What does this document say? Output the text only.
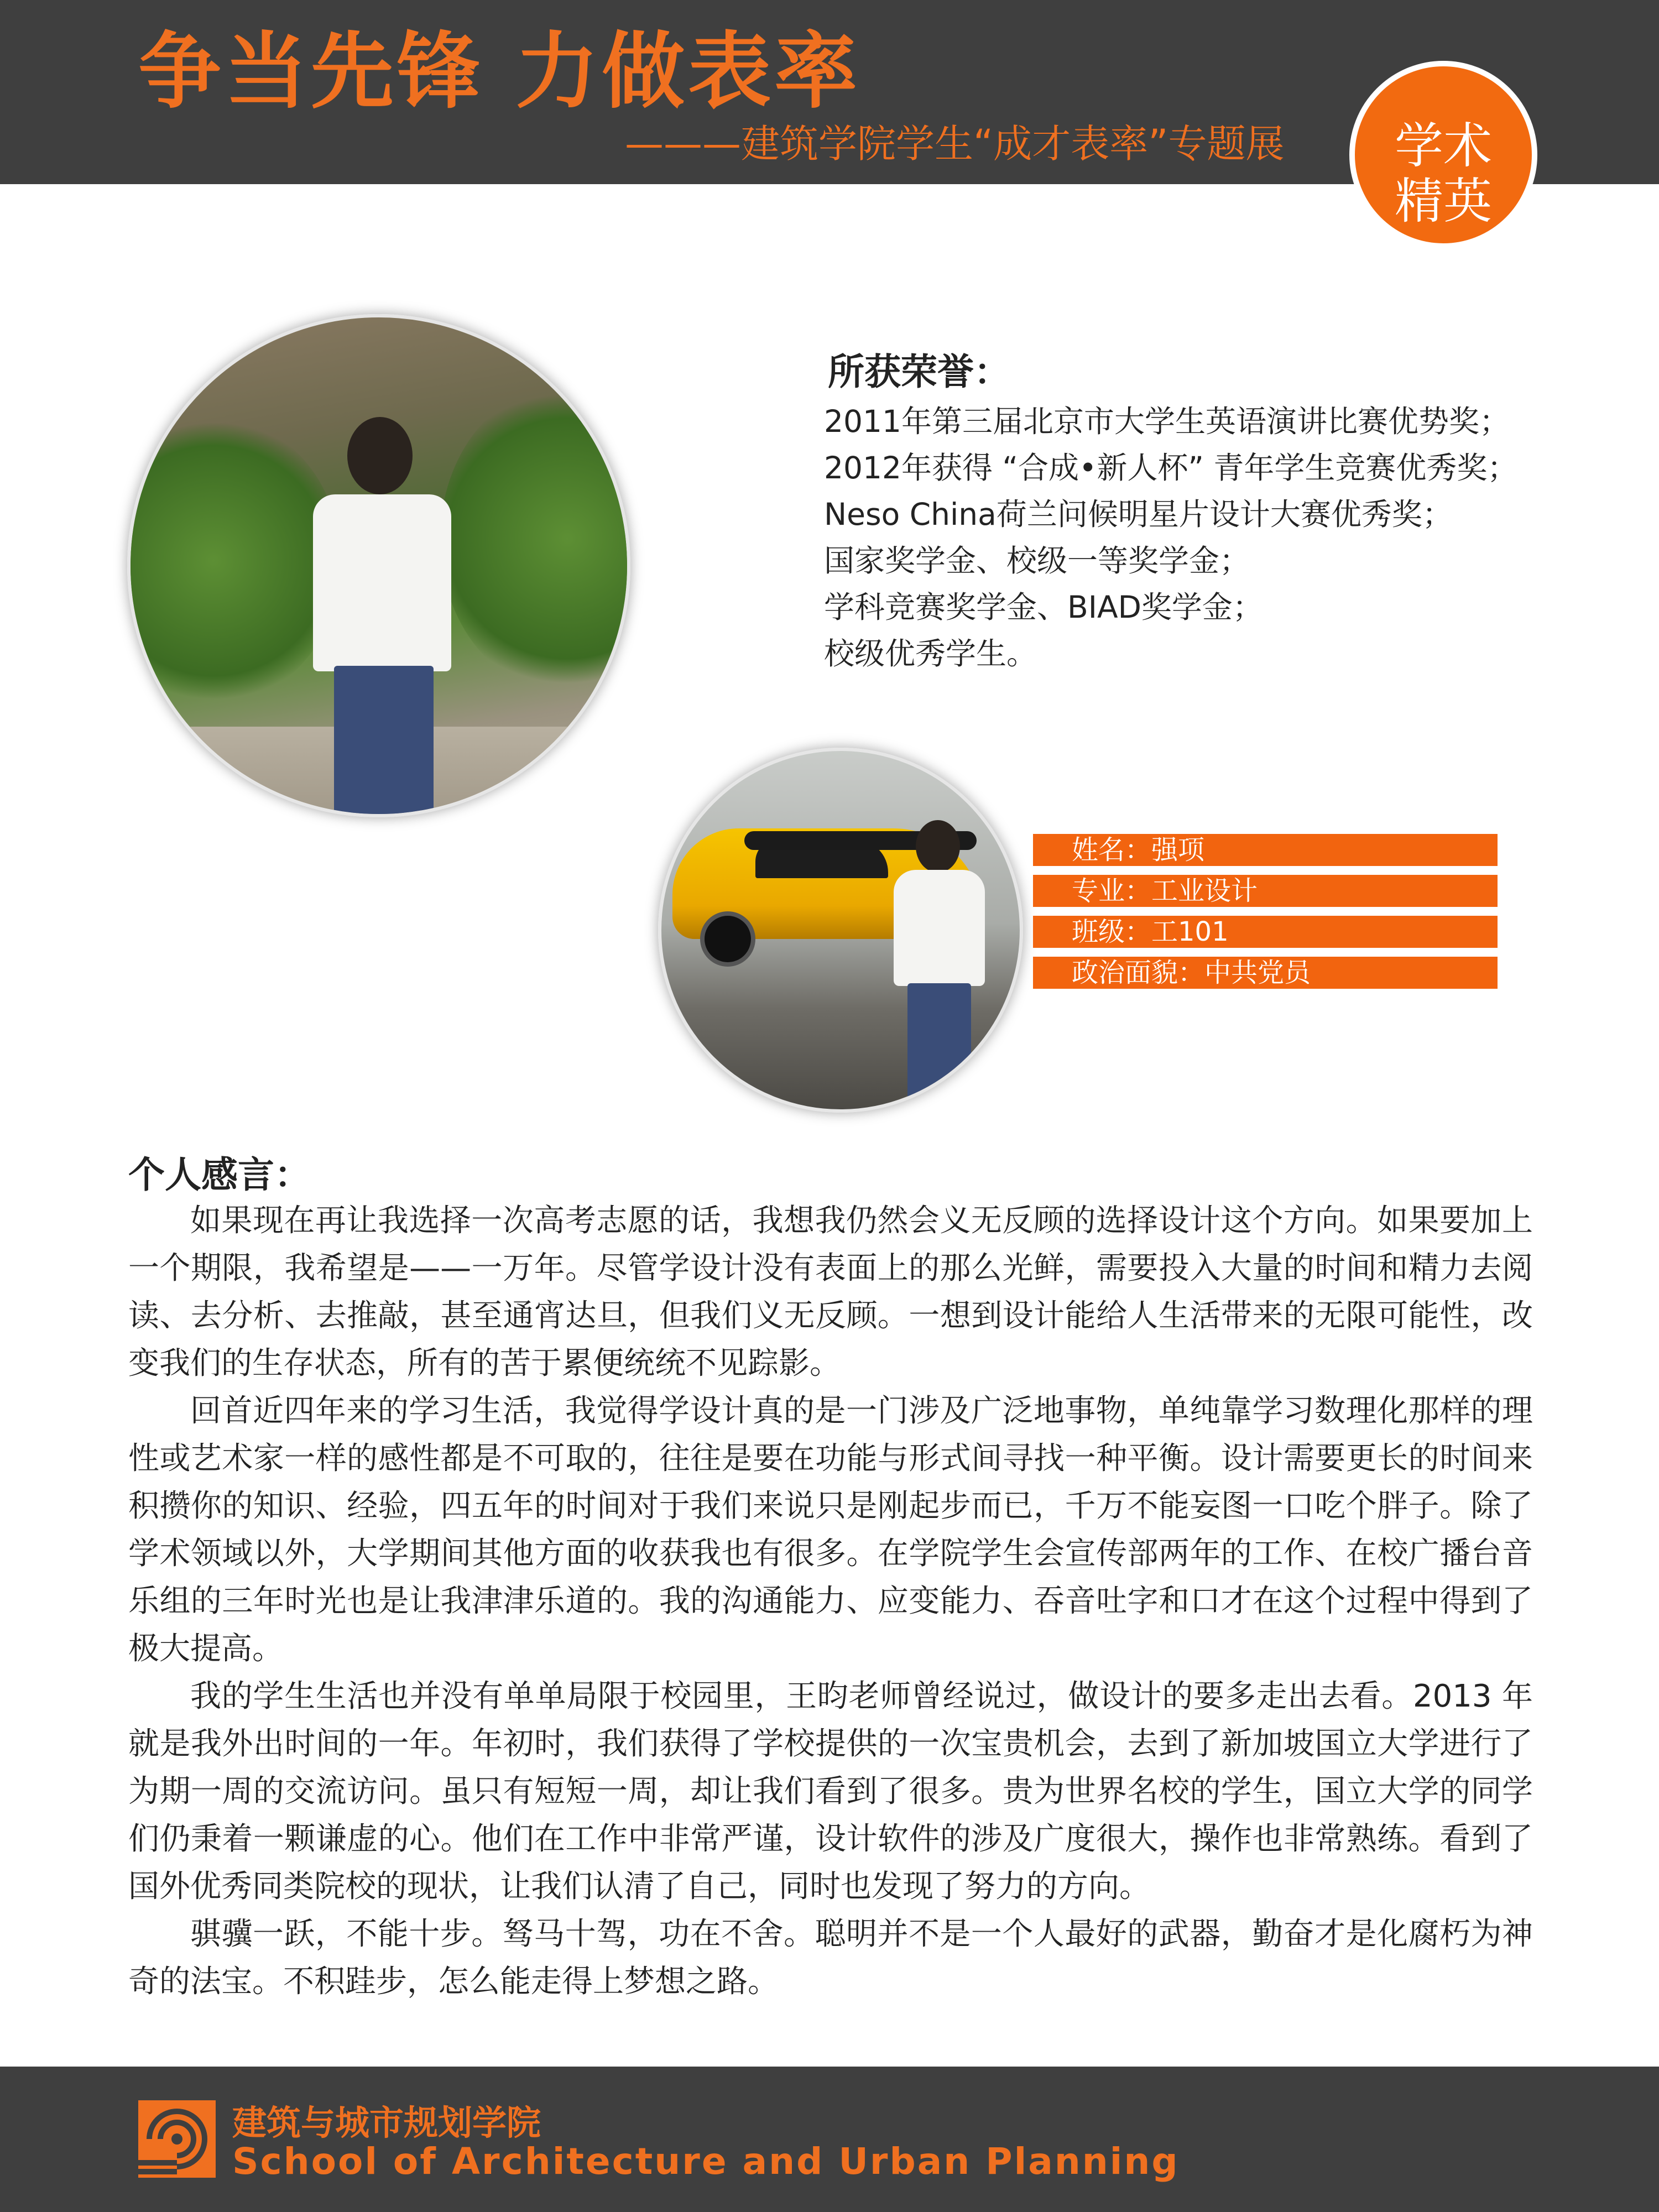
争当先锋 力做表率
———建筑学院学生“成才表率”专题展	学术
精英
所获荣誉：
2011年第三届北京市大学生英语演讲比赛优势奖；
2012年获得 “合成•新人杯” 青年学生竞赛优秀奖；
Neso China荷兰问候明星片设计大赛优秀奖；
国家奖学金、校级一等奖学金；
学科竞赛奖学金、BIAD奖学金；
校级优秀学生。
姓名：强项
专业：工业设计
班级：工101
政治面貌：中共党员
个人感言：

如果现在再让我选择一次高考志愿的话，我想我仍然会义无反顾的选择设计这个方向。如果要加上一个期限，我希望是——一万年。尽管学设计没有表面上的那么光鲜，需要投入大量的时间和精力去阅读、去分析、去推敲，甚至通宵达旦，但我们义无反顾。一想到设计能给人生活带来的无限可能性，改变我们的生存状态，所有的苦于累便统统不见踪影。

回首近四年来的学习生活，我觉得学设计真的是一门涉及广泛地事物，单纯靠学习数理化那样的理性或艺术家一样的感性都是不可取的，往往是要在功能与形式间寻找一种平衡。设计需要更长的时间来积攒你的知识、经验，四五年的时间对于我们来说只是刚起步而已，千万不能妄图一口吃个胖子。除了学术领域以外，大学期间其他方面的收获我也有很多。在学院学生会宣传部两年的工作、在校广播台音乐组的三年时光也是让我津津乐道的。我的沟通能力、应变能力、吞音吐字和口才在这个过程中得到了极大提高。

我的学生生活也并没有单单局限于校园里，王昀老师曾经说过，做设计的要多走出去看。2013 年就是我外出时间的一年。年初时，我们获得了学校提供的一次宝贵机会，去到了新加坡国立大学进行了为期一周的交流访问。虽只有短短一周，却让我们看到了很多。贵为世界名校的学生，国立大学的同学们仍秉着一颗谦虚的心。他们在工作中非常严谨，设计软件的涉及广度很大，操作也非常熟练。看到了国外优秀同类院校的现状，让我们认清了自己，同时也发现了努力的方向。

骐骥一跃，不能十步。驽马十驾，功在不舍。聪明并不是一个人最好的武器，勤奋才是化腐朽为神奇的法宝。不积跬步，怎么能走得上梦想之路。

建筑与城市规划学院
School of Architecture and Urban Planning
